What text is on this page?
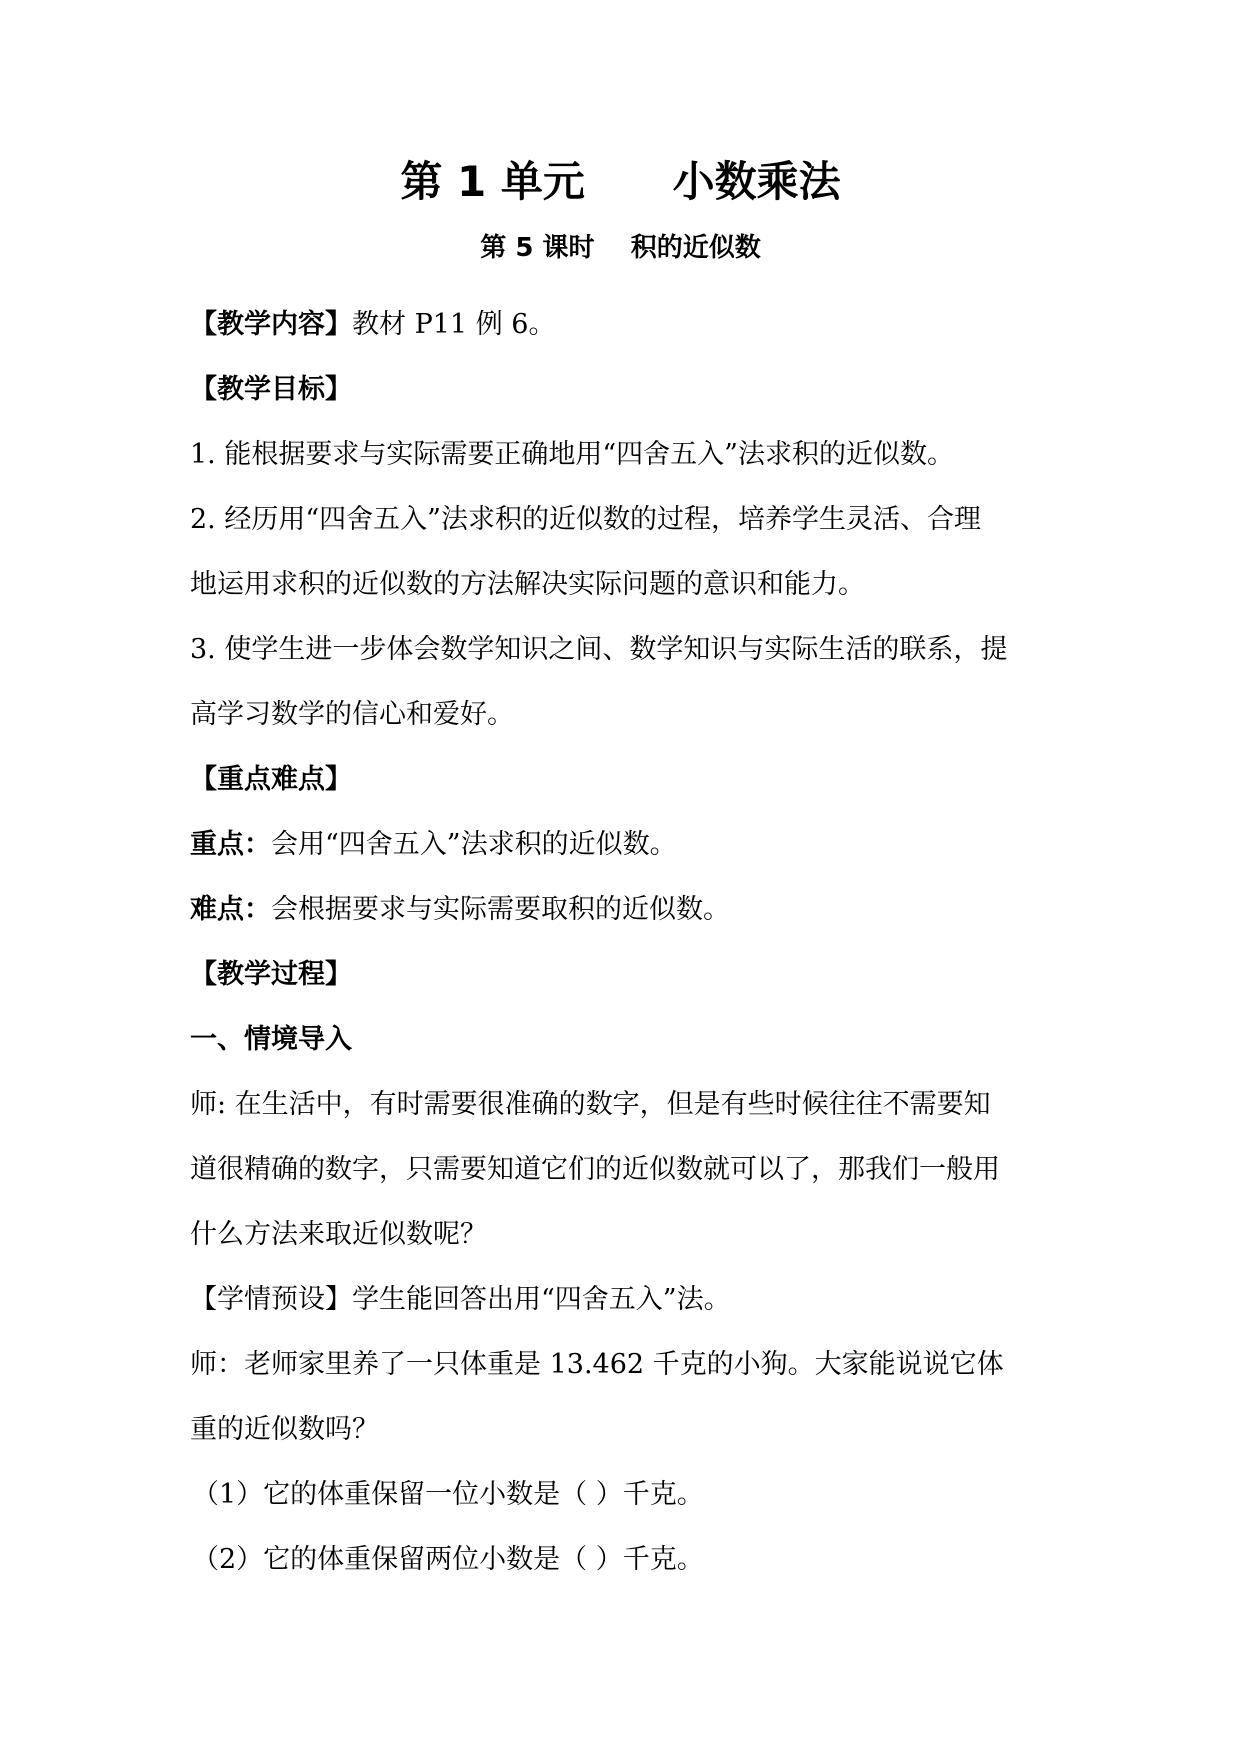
第 1 单元      小数乘法
第 5 课时    积的近似数
【教学内容】教材 P11 例 6。
【教学目标】
1. 能根据要求与实际需要正确地用“四舍五入”法求积的近似数。
2. 经历用“四舍五入”法求积的近似数的过程，培养学生灵活、合理
地运用求积的近似数的方法解决实际问题的意识和能力。
3. 使学生进一步体会数学知识之间、数学知识与实际生活的联系，提
高学习数学的信心和爱好。
【重点难点】
重点：会用“四舍五入”法求积的近似数。
难点：会根据要求与实际需要取积的近似数。
【教学过程】
一、情境导入
师: 在生活中，有时需要很准确的数字，但是有些时候往往不需要知
道很精确的数字，只需要知道它们的近似数就可以了，那我们一般用
什么方法来取近似数呢？
【学情预设】学生能回答出用“四舍五入”法。
师：老师家里养了一只体重是 13.462 千克的小狗。大家能说说它体
重的近似数吗？
（1）它的体重保留一位小数是（ ）千克。
（2）它的体重保留两位小数是（ ）千克。
